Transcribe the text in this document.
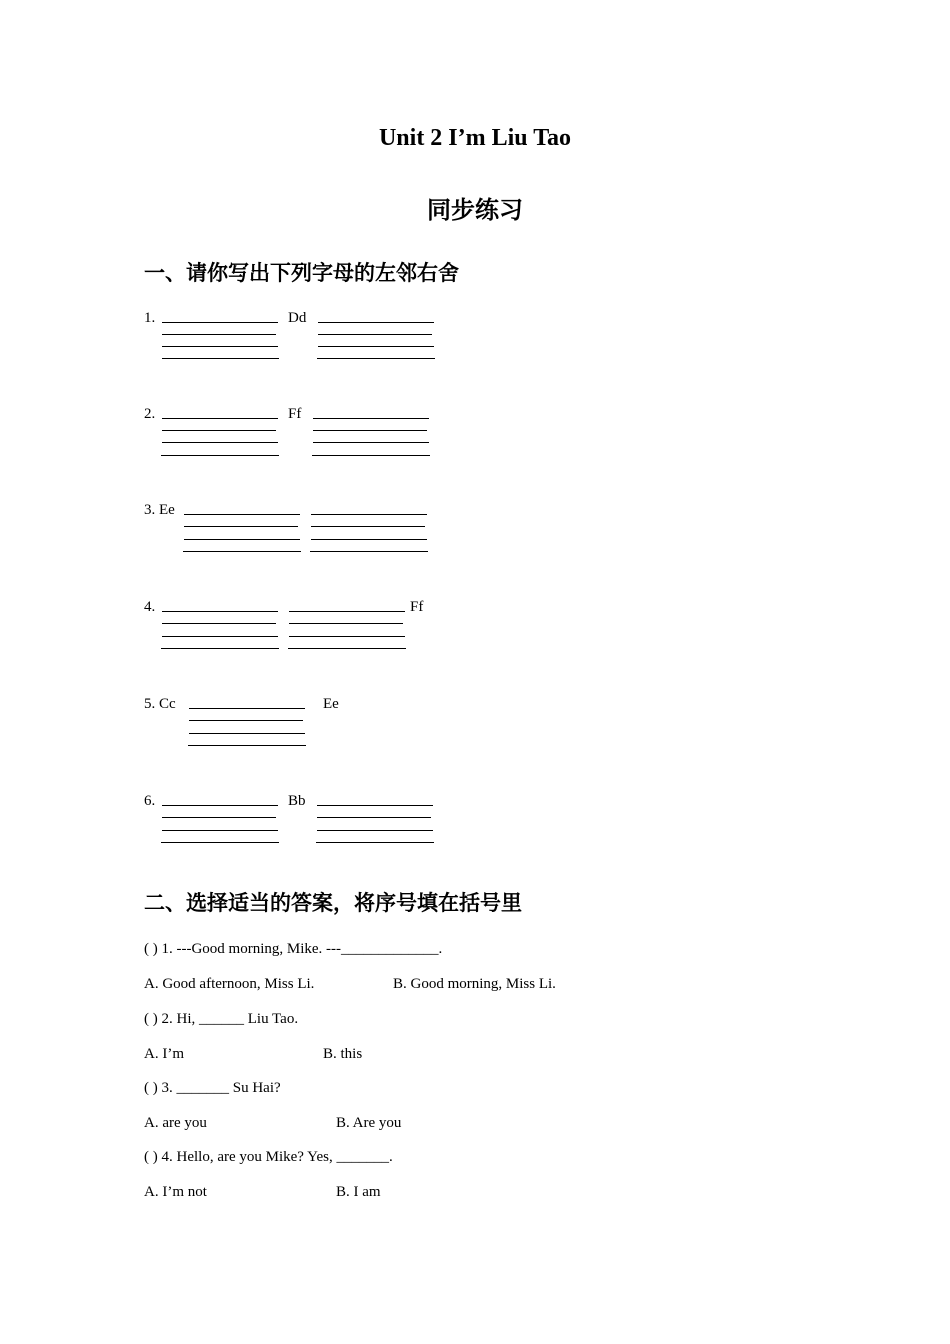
Unit 2 I’m Liu Tao
同步练习
一、请你写出下列字母的左邻右舍
1.	Dd
2.	Ff
3. Ee
4.	Ff
5. Cc	Ee
6.	Bb
二、选择适当的答案，将序号填在括号里
( ) 1. ---Good morning, Mike. ---_____________.
A. Good afternoon, Miss Li.	B. Good morning, Miss Li.
( ) 2. Hi, ______ Liu Tao.
A. I’m	B. this
( ) 3. _______ Su Hai?
A. are you	B. Are you
( ) 4. Hello, are you Mike? Yes, _______.
A. I’m not	B. I am
